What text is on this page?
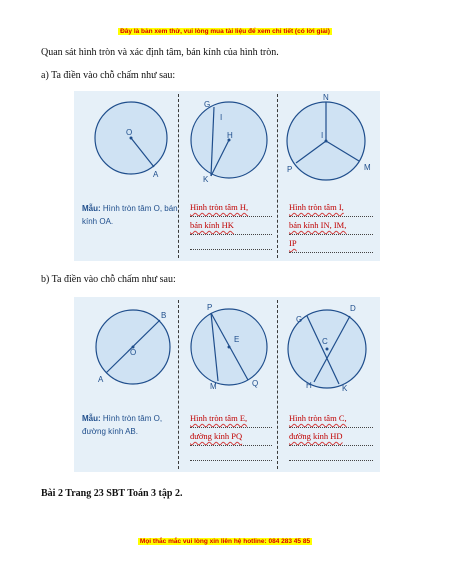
Đây là bản xem thử, vui lòng mua tài liệu để xem chi tiết (có lời giải)
Quan sát hình tròn và xác định tâm, bán kính của hình tròn.
a) Ta điền vào chỗ chấm như sau:
O
A
G
H
I
K
N
I
P	M
Mẫu: Hình tròn tâm O, bán kính OA.
Hình tròn tâm H,
bán kính HK
Hình tròn tâm I,
bán kính IN, IM,
IP
b) Ta điền vào chỗ chấm như sau:
B
O
A
P
E
M	Q
G
D
C
H	K
Mẫu: Hình tròn tâm O, đường kính AB.
Hình tròn tâm E,
đường kính PQ
Hình tròn tâm C,
đường kính HD
Bài 2 Trang 23 SBT Toán 3 tập 2.
Mọi thắc mắc vui lòng xin liên hệ hotline: 084 283 45 85
